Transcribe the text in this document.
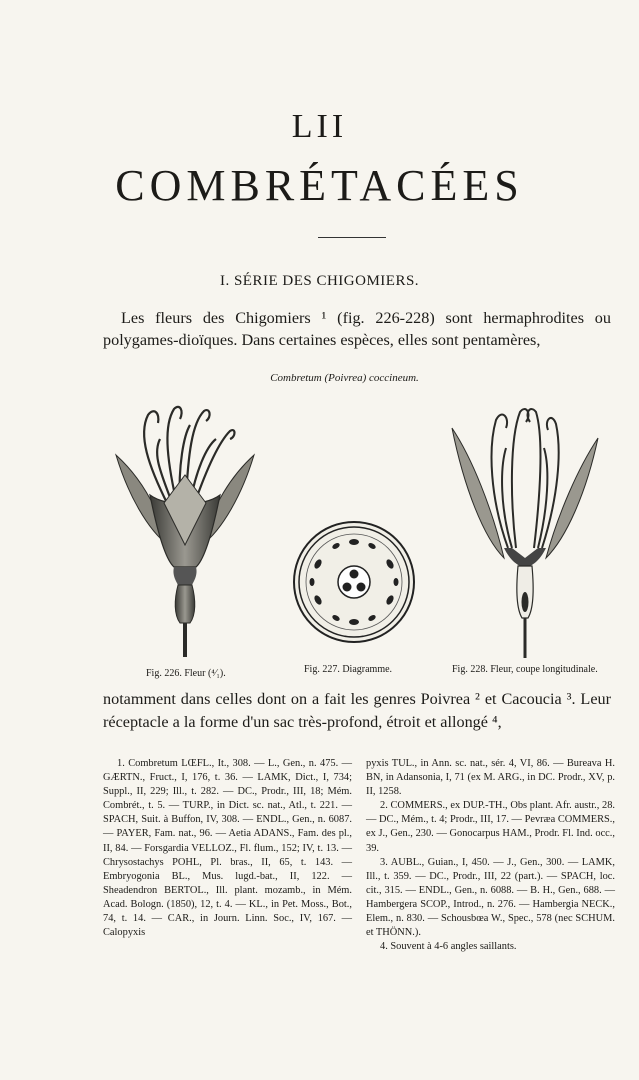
LII
COMBRÉTACÉES
I. SÉRIE DES CHIGOMIERS.

Les fleurs des Chigomiers ¹ (fig. 226-228) sont hermaphrodites ou polygames-dioïques. Dans certaines espèces, elles sont pentamères,

Combretum (Poivrea) coccineum.
Fig. 226. Fleur (⁴⁄₁).	Fig. 227. Diagramme.	Fig. 228. Fleur, coupe longitudinale.

notamment dans celles dont on a fait les genres Poivrea ² et Cacoucia ³. Leur réceptacle a la forme d'un sac très-profond, étroit et allongé ⁴,

1. Combretum LŒFL., It., 308. — L., Gen., n. 475. — GÆRTN., Fruct., I, 176, t. 36. — LAMK, Dict., I, 734; Suppl., II, 229; Ill., t. 282. — DC., Prodr., III, 18; Mém. Combrét., t. 5. — TURP., in Dict. sc. nat., Atl., t. 221. — SPACH, Suit. à Buffon, IV, 308. — ENDL., Gen., n. 6087. — PAYER, Fam. nat., 96. — Aetia ADANS., Fam. des pl., II, 84. — Forsgardia VELLOZ., Fl. flum., 152; IV, t. 13. — Chrysostachys POHL, Pl. bras., II, 65, t. 143. — Embryogonia BL., Mus. lugd.-bat., II, 122. — Sheadendron BERTOL., Ill. plant. mozamb., in Mém. Acad. Bologn. (1850), 12, t. 4. — KL., in Pet. Moss., Bot., 74, t. 14. — CAR., in Journ. Linn. Soc., IV, 167. — Calopyxis

pyxis TUL., in Ann. sc. nat., sér. 4, VI, 86. — Bureava H. BN, in Adansonia, I, 71 (ex M. ARG., in DC. Prodr., XV, p. II, 1258.

2. COMMERS., ex DUP.-TH., Obs plant. Afr. austr., 28. — DC., Mém., t. 4; Prodr., III, 17. — Pevræa COMMERS., ex J., Gen., 230. — Gonocarpus HAM., Prodr. Fl. Ind. occ., 39.

3. AUBL., Guian., I, 450. — J., Gen., 300. — LAMK, Ill., t. 359. — DC., Prodr., III, 22 (part.). — SPACH, loc. cit., 315. — ENDL., Gen., n. 6088. — B. H., Gen., 688. — Hambergera SCOP., Introd., n. 276. — Hambergia NECK., Elem., n. 830. — Schousbœa W., Spec., 578 (nec SCHUM. et THÖNN.).

4. Souvent à 4-6 angles saillants.
